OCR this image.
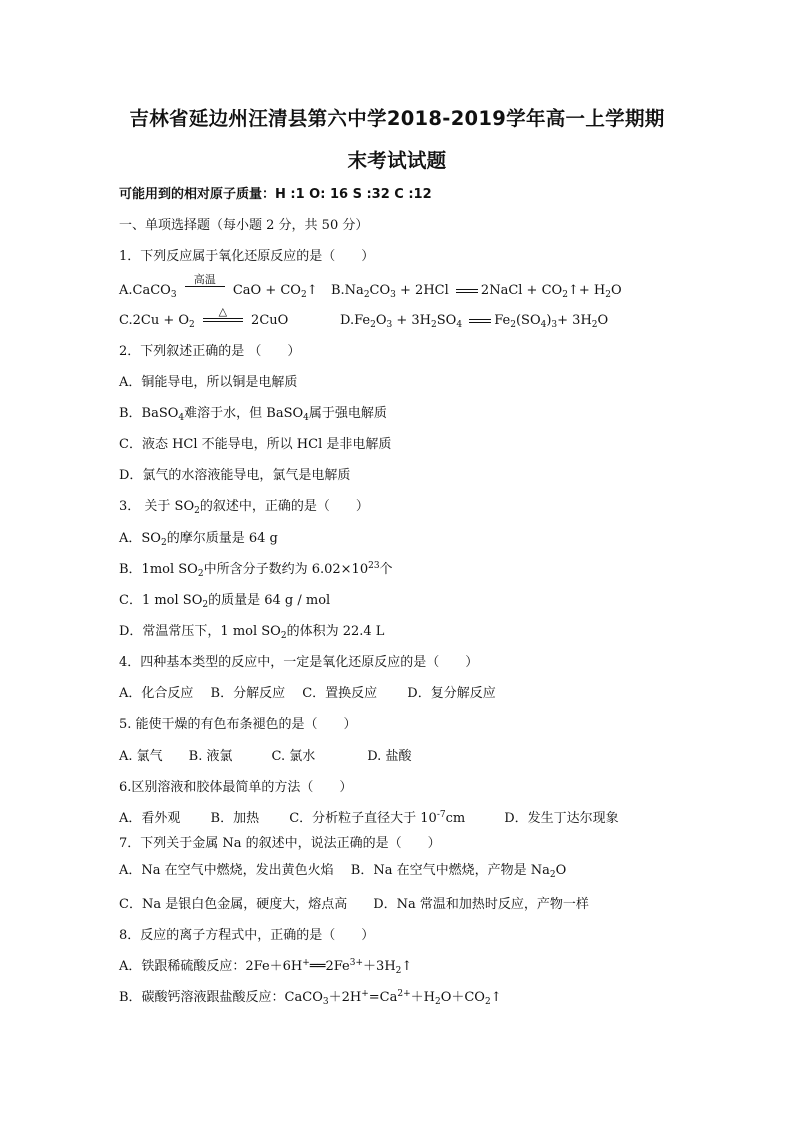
吉林省延边州汪清县第六中学2018-2019学年高一上学期期
末考试试题
可能用到的相对原子质量：H :1 O: 16 S :32 C :12
一、单项选择题（每小题 2 分，共 50 分）
1．下列反应属于氧化还原反应的是（　　）
A.CaCO$_3$
高温
CaO + $CO_2↑$ $B.Na_2CO_3 + 2HCl$ 2NaCl + $CO_2↑+ H_2O$
$C.2Cu + O_2$
△
2CuO	$D.Fe_2O_3 + 3H_2SO_4$ $Fe_2(SO_4)_3+ 3H_2O$
2．下列叙述正确的是 （　　）
A．铜能导电，所以铜是电解质
B．BaSO$_4$难溶于水，但 BaSO$_4$属于强电解质
C．液态 HCl 不能导电，所以 HCl 是非电解质
D．氯气的水溶液能导电，氯气是电解质
3． 关于 $SO_2$的叙述中，正确的是（　　）
A．$SO_2$的摩尔质量是 64 g
B．1mol $SO_2$中所含分子数约为 $6.02\times 10^{23}$个
C．1 mol $SO_2$的质量是 64 g / mol
D．常温常压下，1 mol $SO_2$的体积为 22.4 L
4．四种基本类型的反应中，一定是氧化还原反应的是（　　）
A．化合反应　 B．分解反应　 C．置换反应　　 D．复分解反应
5. 能使干燥的有色布条褪色的是（　　）
A. 氯气　　B. 液氯　　　C. 氯水　　　　D. 盐酸
6.区别溶液和胶体最简单的方法（　　）
A．看外观　　 B．加热　　 C．分析粒子直径大于 $10^{-7}cm$　　　D．发生丁达尔现象
7．下列关于金属 Na 的叙述中，说法正确的是（　　）
A．Na 在空气中燃烧，发出黄色火焰　 B．Na 在空气中燃烧，产物是 $Na_2O$
C．Na 是银白色金属，硬度大，熔点高　　D．Na 常温和加热时反应，产物一样
8．反应的离子方程式中，正确的是（　　）
A．铁跟稀硫酸反应：$2Fe+6H^+══2Fe^{3+}+3H_2↑$
B．碳酸钙溶液跟盐酸反应：$CaCO_3+2H^+=Ca^{2+}+H_2O+CO_2↑$
